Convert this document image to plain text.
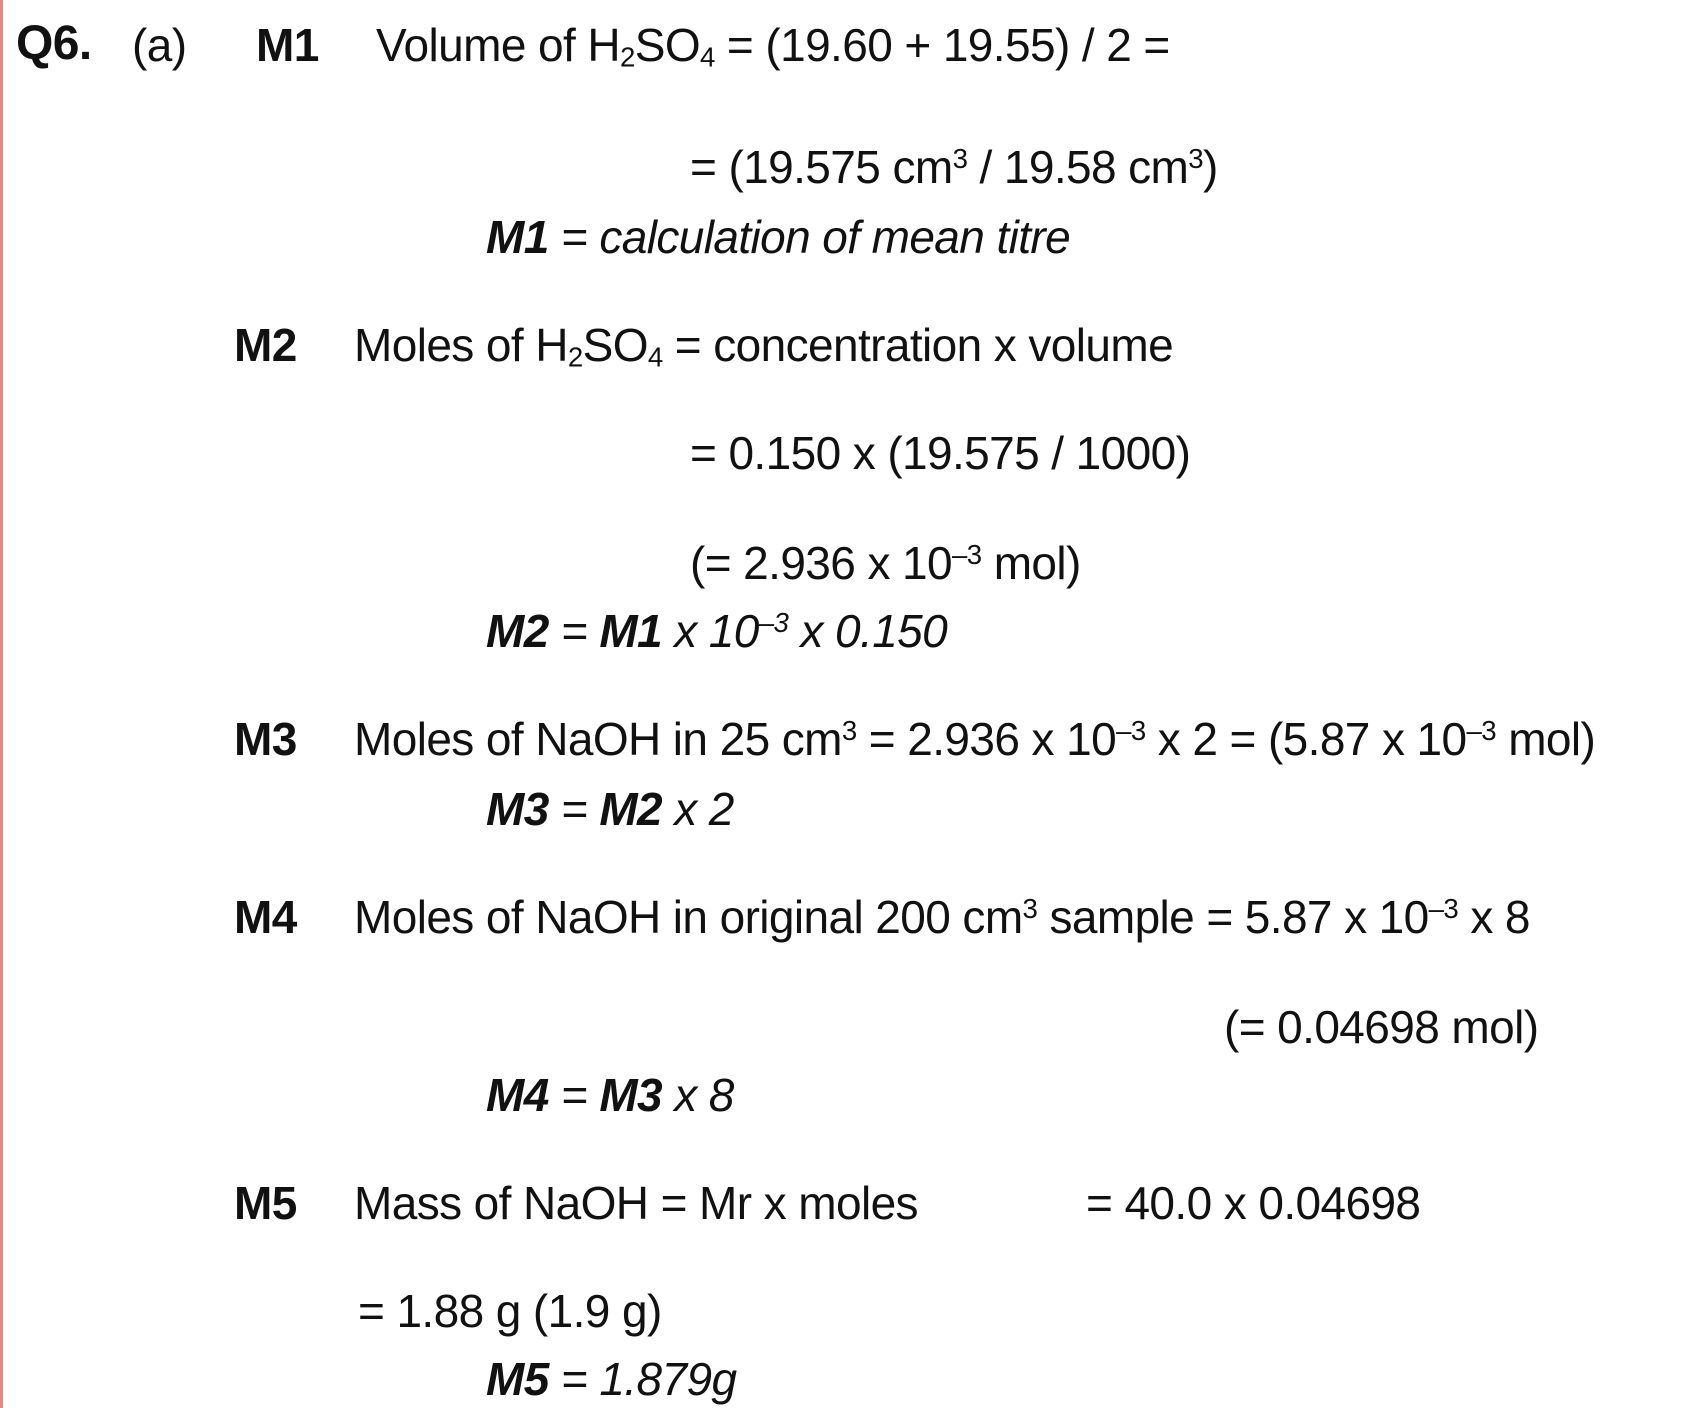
Q6. (a) M1 Volume of $H_2SO_4 = (19.60 + 19.55) / 2$ =
= (19.575 $cm^3 / 19.58$ $cm^3$)
M1 = calculation of mean titre
M2 Moles of $H_2SO_4$ = concentration x volume
= 0.150 x (19.575 / 1000)
(= 2.936 x $10^{-3}$ mol)
M2 = M1 x $10^{-3}$ x 0.150
M3 Moles of NaOH in 25 $cm^3 = 2.936$ x $10^{-3}$ x 2 = (5.87 x $10^{-3}$ mol)
M3 = M2 x 2
M4 Moles of NaOH in original 200 $cm^3$ sample = 5.87 x $10^{-3}$ x 8
(= 0.04698 mol)
M4 = M3 x 8
M5 Mass of NaOH = Mr x moles	= 40.0 x 0.04698
= 1.88 g (1.9 g)
M5 = 1.879g
